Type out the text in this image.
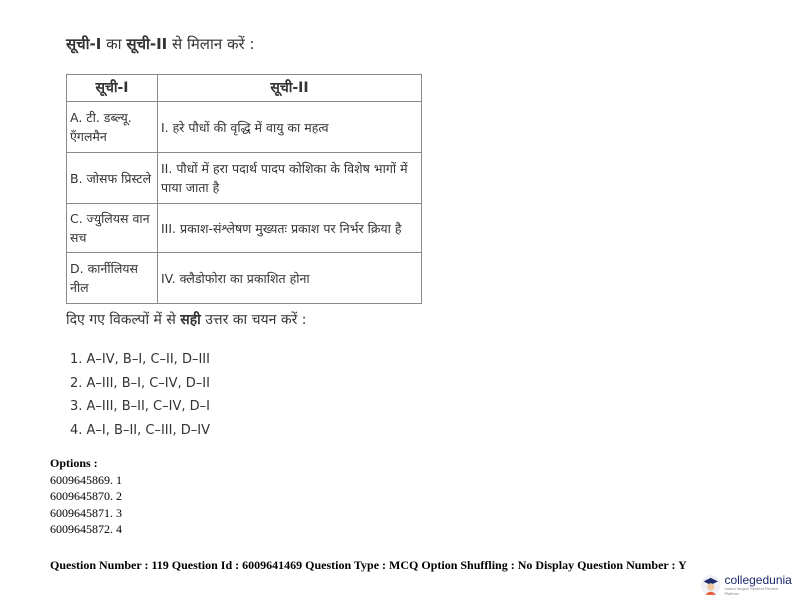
सूची-I का सूची-II से मिलान करें :
सूची-I	सूची-II
A. टी. डब्ल्यू. ऍंगलमैन	I. हरे पौधों की वृद्धि में वायु का महत्व
B. जोसफ प्रिस्टले	II. पौधों में हरा पदार्थ पादप कोशिका के विशेष भागों में पाया जाता है
C. ज्युलियस वान सच	III. प्रकाश-संश्लेषण मुख्यतः प्रकाश पर निर्भर क्रिया है
D. कार्नीलियस नील	IV. क्लैडोफोरा का प्रकाशित होना
दिए गए विकल्पों में से सही उत्तर का चयन करें :
1. A–IV, B–I, C–II, D–III
2. A–III, B–I, C–IV, D–II
3. A–III, B–II, C–IV, D–I
4. A–I, B–II, C–III, D–IV
Options :
6009645869. 1
6009645870. 2
6009645871. 3
6009645872. 4
Question Number : 119 Question Id : 6009641469 Question Type : MCQ Option Shuffling : No Display Question Number : Y
collegedunia
India's largest Student Review Platform
